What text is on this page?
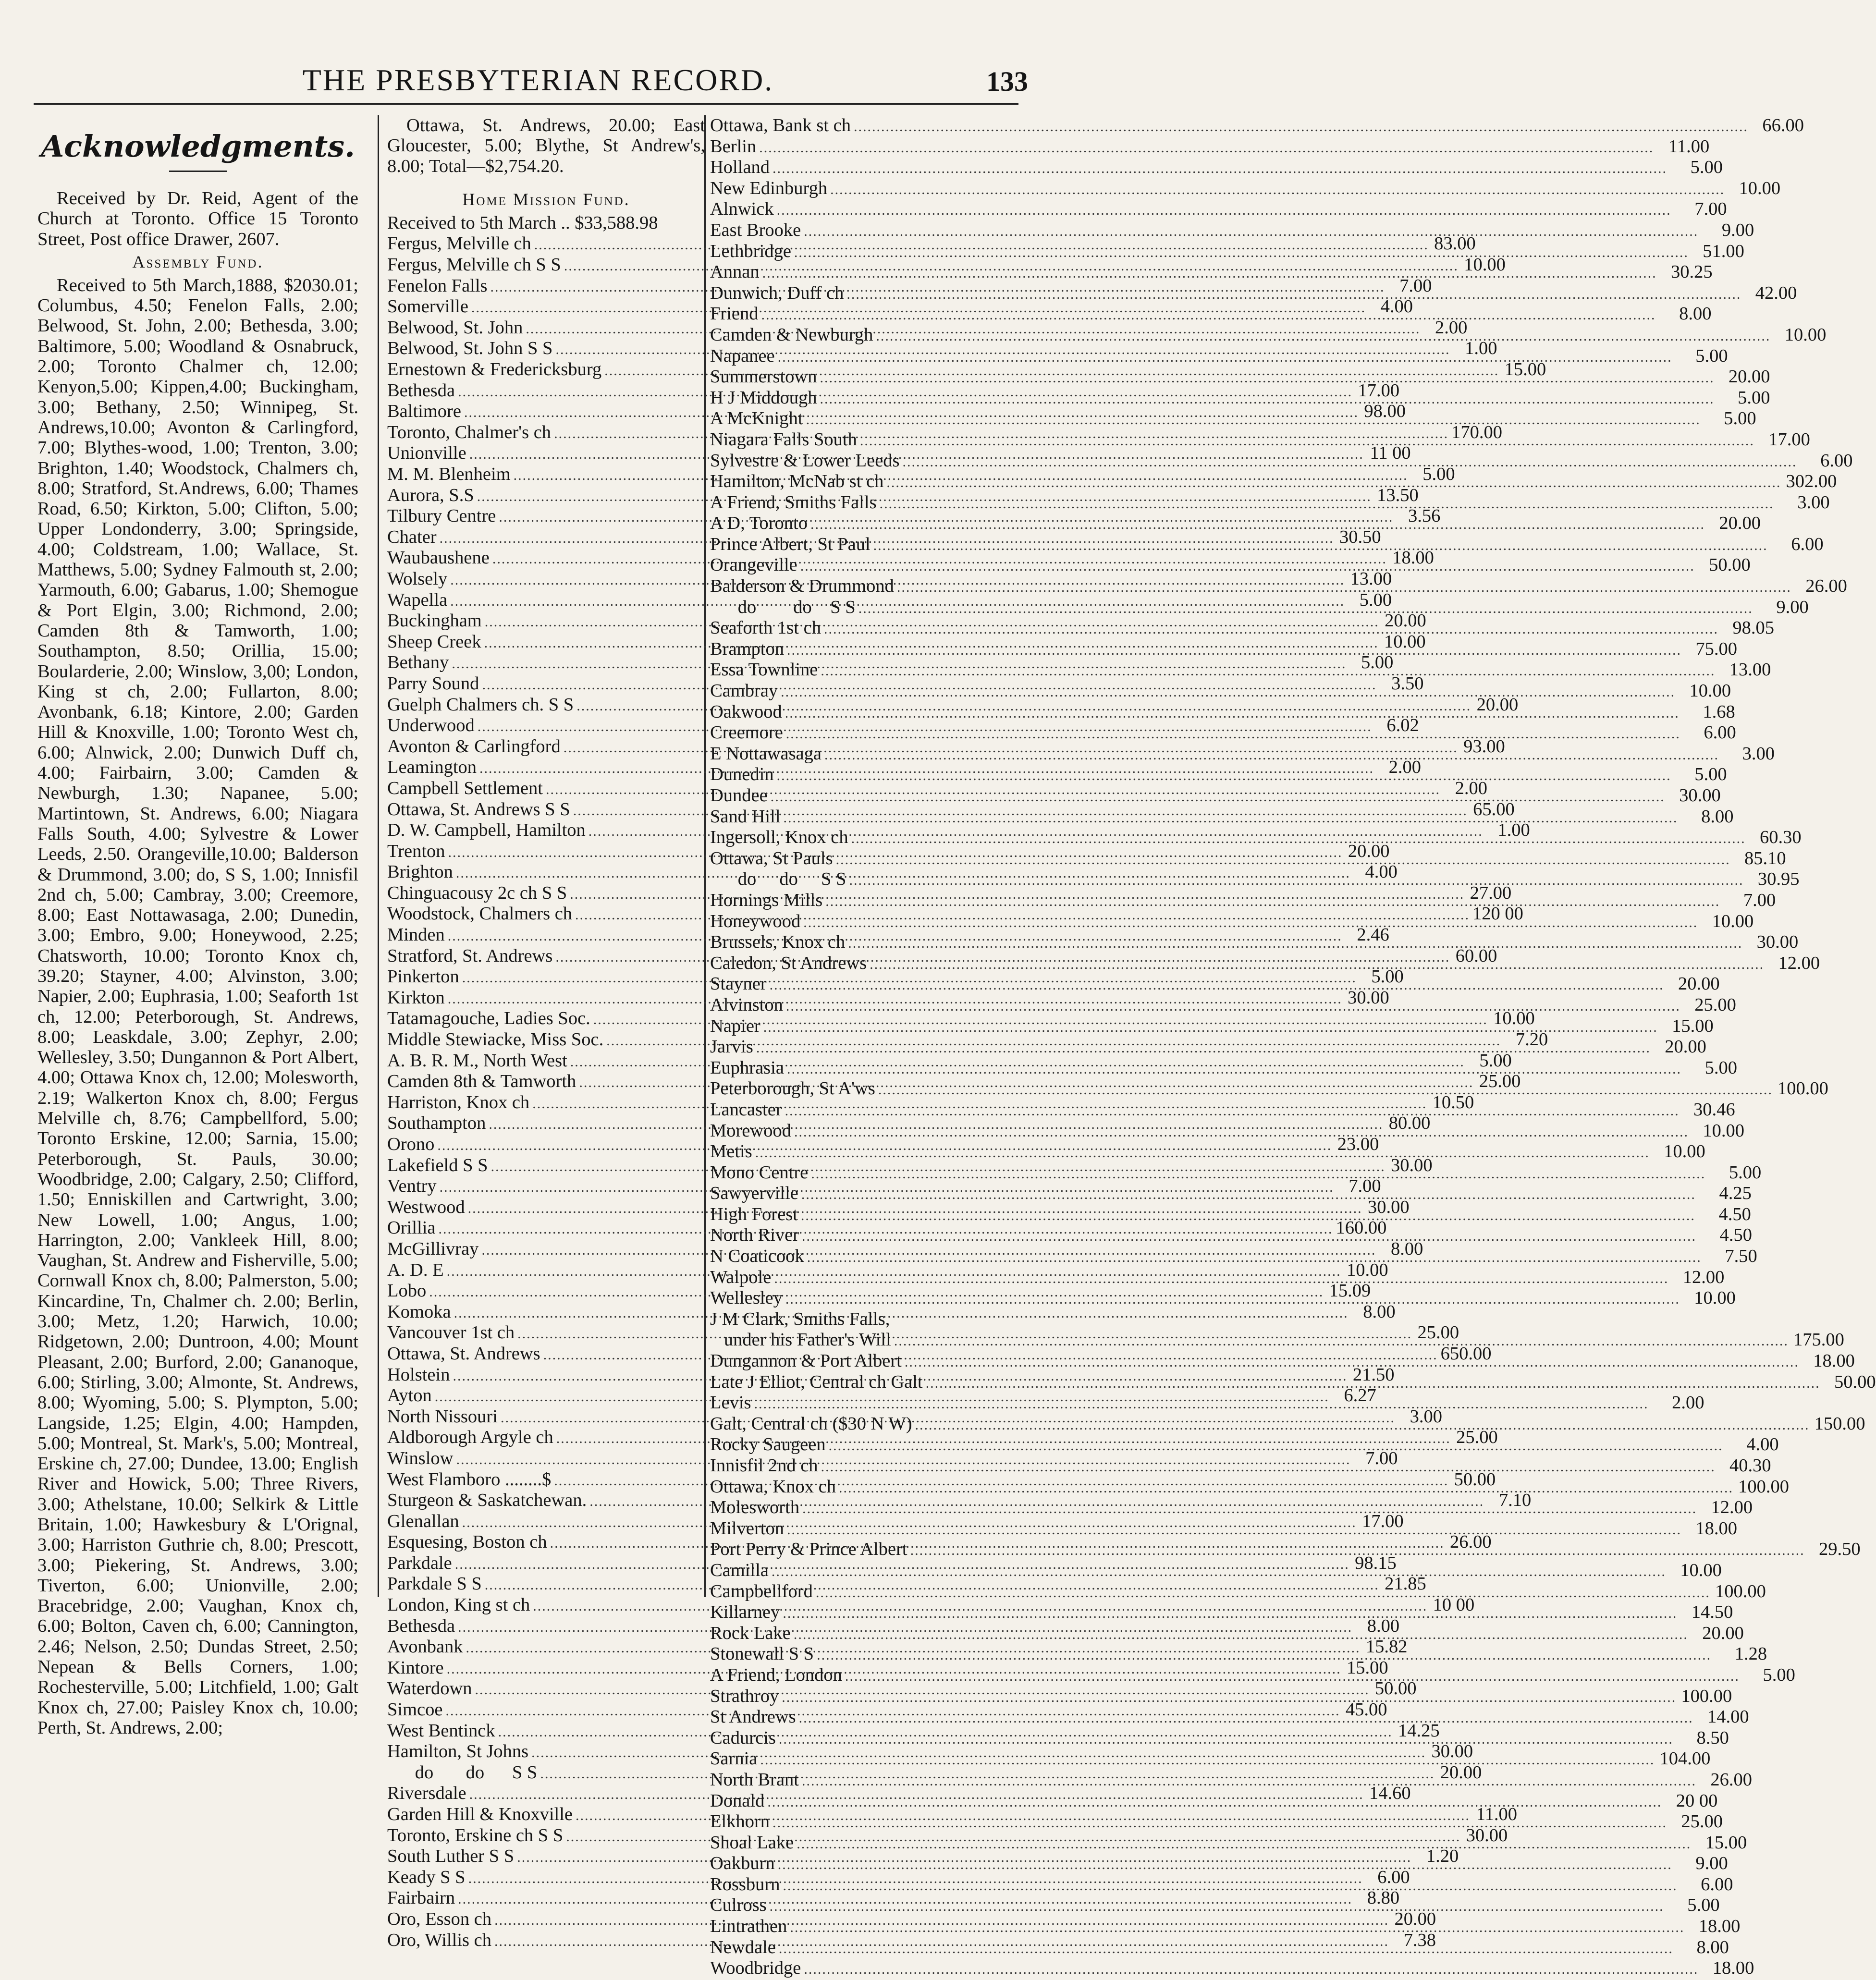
THE PRESBYTERIAN RECORD.	133
Acknowledgments.
Received by Dr. Reid, Agent of the Church at Toronto. Office 15 Toronto Street, Post office Drawer, 2607.
Assembly Fund.
Received to 5th March,1888, $2030.01; Columbus, 4.50; Fenelon Falls, 2.00; Belwood, St. John, 2.00; Bethesda, 3.00; Baltimore, 5.00; Woodland & Osnabruck, 2.00; Toronto Chalmer ch, 12.00; Kenyon,5.00; Kippen,4.00; Buckingham, 3.00; Bethany, 2.50; Winnipeg, St. Andrews,10.00; Avonton & Carlingford, 7.00; Blythes-wood, 1.00; Trenton, 3.00; Brighton, 1.40; Woodstock, Chalmers ch, 8.00; Stratford, St.Andrews, 6.00; Thames Road, 6.50; Kirkton, 5.00; Clifton, 5.00; Upper Londonderry, 3.00; Springside, 4.00; Coldstream, 1.00; Wallace, St. Matthews, 5.00; Sydney Falmouth st, 2.00; Yarmouth, 6.00; Gabarus, 1.00; Shemogue & Port Elgin, 3.00; Richmond, 2.00; Camden 8th & Tamworth, 1.00; Southampton, 8.50; Orillia, 15.00; Boularderie, 2.00; Winslow, 3,00; London, King st ch, 2.00; Fullarton, 8.00; Avonbank, 6.18; Kintore, 2.00; Garden Hill & Knoxville, 1.00; Toronto West ch, 6.00; Alnwick, 2.00; Dunwich Duff ch, 4.00; Fairbairn, 3.00; Camden & Newburgh, 1.30; Napanee, 5.00; Martintown, St. Andrews, 6.00; Niagara Falls South, 4.00; Sylvestre & Lower Leeds, 2.50. Orangeville,10.00; Balderson & Drummond, 3.00; do, S S, 1.00; Innisfil 2nd ch, 5.00; Cambray, 3.00; Creemore, 8.00; East Nottawasaga, 2.00; Dunedin, 3.00; Embro, 9.00; Honeywood, 2.25; Chatsworth, 10.00; Toronto Knox ch, 39.20; Stayner, 4.00; Alvinston, 3.00; Napier, 2.00; Euphrasia, 1.00; Seaforth 1st ch, 12.00; Peterborough, St. Andrews, 8.00; Leaskdale, 3.00; Zephyr, 2.00; Wellesley, 3.50; Dungannon & Port Albert, 4.00; Ottawa Knox ch, 12.00; Molesworth, 2.19; Walkerton Knox ch, 8.00; Fergus Melville ch, 8.76; Campbellford, 5.00; Toronto Erskine, 12.00; Sarnia, 15.00; Peterborough, St. Pauls, 30.00; Woodbridge, 2.00; Calgary, 2.50; Clifford, 1.50; Enniskillen and Cartwright, 3.00; New Lowell, 1.00; Angus, 1.00; Harrington, 2.00; Vankleek Hill, 8.00; Vaughan, St. Andrew and Fisherville, 5.00; Cornwall Knox ch, 8.00; Palmerston, 5.00; Kincardine, Tn, Chalmer ch. 2.00; Berlin, 3.00; Metz, 1.20; Harwich, 10.00; Ridgetown, 2.00; Duntroon, 4.00; Mount Pleasant, 2.00; Burford, 2.00; Gananoque, 6.00; Stirling, 3.00; Almonte, St. Andrews, 8.00; Wyoming, 5.00; S. Plympton, 5.00; Langside, 1.25; Elgin, 4.00; Hampden, 5.00; Montreal, St. Mark's, 5.00; Montreal, Erskine ch, 27.00; Dundee, 13.00; English River and Howick, 5.00; Three Rivers, 3.00; Athelstane, 10.00; Selkirk & Little Britain, 1.00; Hawkesbury & L'Orignal, 3.00; Harriston Guthrie ch, 8.00; Prescott, 3.00; Piekering, St. Andrews, 3.00; Tiverton, 6.00; Unionville, 2.00; Bracebridge, 2.00; Vaughan, Knox ch, 6.00; Bolton, Caven ch, 6.00; Cannington, 2.46; Nelson, 2.50; Dundas Street, 2.50; Nepean & Bells Corners, 1.00; Rochesterville, 5.00; Litchfield, 1.00; Galt Knox ch, 27.00; Paisley Knox ch, 10.00; Perth, St. Andrews, 2.00;
Ottawa, St. Andrews, 20.00; East Gloucester, 5.00; Blythe, St Andrew's, 8.00; Total—$2,754.20.
Home Mission Fund.
Received to 5th March .. $33,588.98
Fergus, Melville ch .....	83.00
Fergus, Melville ch S S .....	10.00
Fenelon Falls .....	7.00
Somerville .....	4.00
Belwood, St. John .....	2.00
Belwood, St. John S S .....	1.00
Ernestown & Fredericksburg .....	15.00
Bethesda .....	17.00
Baltimore .....	98.00
Toronto, Chalmer's ch .....	170.00
Unionville .....	11 00
M. M. Blenheim .....	5.00
Aurora, S.S .....	13.50
Tilbury Centre .....	3.56
Chater .....	30.50
Waubaushene .....	18.00
Wolsely .....	13.00
Wapella .....	5.00
Buckingham .....	20.00
Sheep Creek .....	10.00
Bethany .....	5.00
Parry Sound .....	3.50
Guelph Chalmers ch. S S .....	20.00
Underwood .....	6.02
Avonton & Carlingford .....	93.00
Leamington .....	2.00
Campbell Settlement .....	2.00
Ottawa, St. Andrews S S .....	65.00
D. W. Campbell, Hamilton .....	1.00
Trenton .....	20.00
Brighton .....	4.00
Chinguacousy 2c ch S S .....	27.00
Woodstock, Chalmers ch .....	120 00
Minden .....	2.46
Stratford, St. Andrews .....	60.00
Pinkerton .....	5.00
Kirkton .....	30.00
Tatamagouche, Ladies Soc. .....	10.00
Middle Stewiacke, Miss Soc. .....	7.20
A. B. R. M., North West .....	5.00
Camden 8th & Tamworth .....	25.00
Harriston, Knox ch .....	10.50
Southampton .....	80.00
Orono .....	23.00
Lakefield S S .....	30.00
Ventry .....	7.00
Westwood .....	30.00
Orillia .....	160.00
McGillivray .....	8.00
A. D. E .....	10.00
Lobo .....	15.09
Komoka .....	8.00
Vancouver 1st ch .....	25.00
Ottawa, St. Andrews .....	650.00
Holstein .....	21.50
Ayton .....	6.27
North Nissouri .....	3.00
Aldborough Argyle ch .....	25.00
Winslow .....	7.00
West Flamboro ........$ .....	50.00
Sturgeon & Saskatchewan. .....	7.10
Glenallan .....	17.00
Esquesing, Boston ch .....	26.00
Parkdale .....	98.15
Parkdale S S .....	21.85
London, King st ch .....	10 00
Bethesda .....	8.00
Avonbank .....	15.82
Kintore .....	15.00
Waterdown .....	50.00
Simcoe .....	45.00
West Bentinck .....	14.25
Hamilton, St Johns .....	30.00
do       do      S S .....	20.00
Riversdale .....	14.60
Garden Hill & Knoxville .....	11.00
Toronto, Erskine ch S S .....	30.00
South Luther S S .....	1.20
Keady S S .....	6.00
Fairbairn .....	8.80
Oro, Esson ch .....	20.00
Oro, Willis ch .....	7.38
Ottawa, Bank st ch .....	66.00
Berlin .....	11.00
Holland .....	5.00
New Edinburgh .....	10.00
Alnwick .....	7.00
East Brooke .....	9.00
Lethbridge .....	51.00
Annan .....	30.25
Dunwich, Duff ch .....	42.00
Friend .....	8.00
Camden & Newburgh .....	10.00
Napanee .....	5.00
Summerstown .....	20.00
H J Middough .....	5.00
A McKnight .....	5.00
Niagara Falls South .....	17.00
Sylvestre & Lower Leeds .....	6.00
Hamilton, McNab st ch .....	302.00
A Friend, Smiths Falls .....	3.00
A D, Toronto .....	20.00
Prince Albert, St Paul .....	6.00
Orangeville .....	50.00
Balderson & Drummond .....	26.00
do        do    S S .....	9.00
Seaforth 1st ch .....	98.05
Brampton .....	75.00
Essa Townline .....	13.00
Cambray .....	10.00
Oakwood .....	1.68
Creemore .....	6.00
E Nottawasaga .....	3.00
Dunedin .....	5.00
Dundee .....	30.00
Sand Hill .....	8.00
Ingersoll, Knox ch .....	60.30
Ottawa, St Pauls .....	85.10
do     do     S S .....	30.95
Hornings Mills .....	7.00
Honeywood .....	10.00
Brussels, Knox ch .....	30.00
Caledon, St Andrews .....	12.00
Stayner .....	20.00
Alvinston .....	25.00
Napier .....	15.00
Jarvis .....	20.00
Euphrasia .....	5.00
Peterborough, St A'ws .....	100.00
Lancaster .....	30.46
Morewood .....	10.00
Metis .....	10.00
Mono Centre .....	5.00
Sawyerville .....	4.25
High Forest .....	4.50
North River .....	4.50
N Coaticook .....	7.50
Walpole .....	12.00
Wellesley .....	10.00
J M Clark, Smiths Falls,
under his Father's Will .....	175.00
Dungannon & Port Albert .....	18.00
Late J Elliot, Central ch Galt .....	50.00
Levis .....	2.00
Galt, Central ch ($30 N W) .....	150.00
Rocky Saugeen .....	4.00
Innisfil 2nd ch .....	40.30
Ottawa, Knox ch .....	100.00
Molesworth .....	12.00
Milverton .....	18.00
Port Perry & Prince Albert .....	29.50
Camilla .....	10.00
Campbellford .....	100.00
Killarney .....	14.50
Rock Lake .....	20.00
Stonewall S S .....	1.28
A Friend, London .....	5.00
Strathroy .....	100.00
St Andrews .....	14.00
Cadurcis .....	8.50
Sarnia .....	104.00
North Brant .....	26.00
Donald .....	20 00
Elkhorn .....	25.00
Shoal Lake .....	15.00
Oakburn .....	9.00
Rossburn .....	6.00
Culross .....	5.00
Lintrathen .....	18.00
Newdale .....	8.00
Woodbridge .....	18.00
